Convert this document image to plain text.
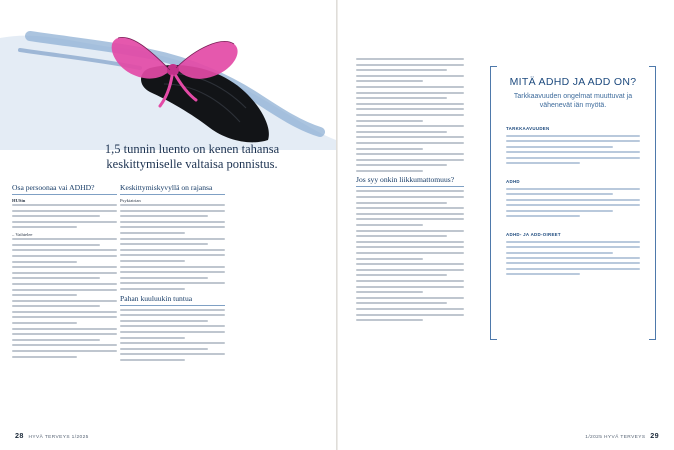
1,5 tunnin luento on kenen tahansa keskittymiselle valtaisa ponnistus.
Osa persoonaa vai ADHD?
HUSin
– Vaihtelee
Keskittymiskyvyllä on rajansa
Psykiatrian
Pahan kuuluukin tuntua
28 HYVÄ TERVEYS 1/2025	1/2025 HYVÄ TERVEYS 29
Jos syy onkin liikkumattomuus?
MITÄ ADHD JA ADD ON?
Tarkkaavuuden ongelmat muuttuvat ja vähenevät iän myötä.
TARKKAAVUUDEN
ADHD
ADHD- JA ADD-OIREET
